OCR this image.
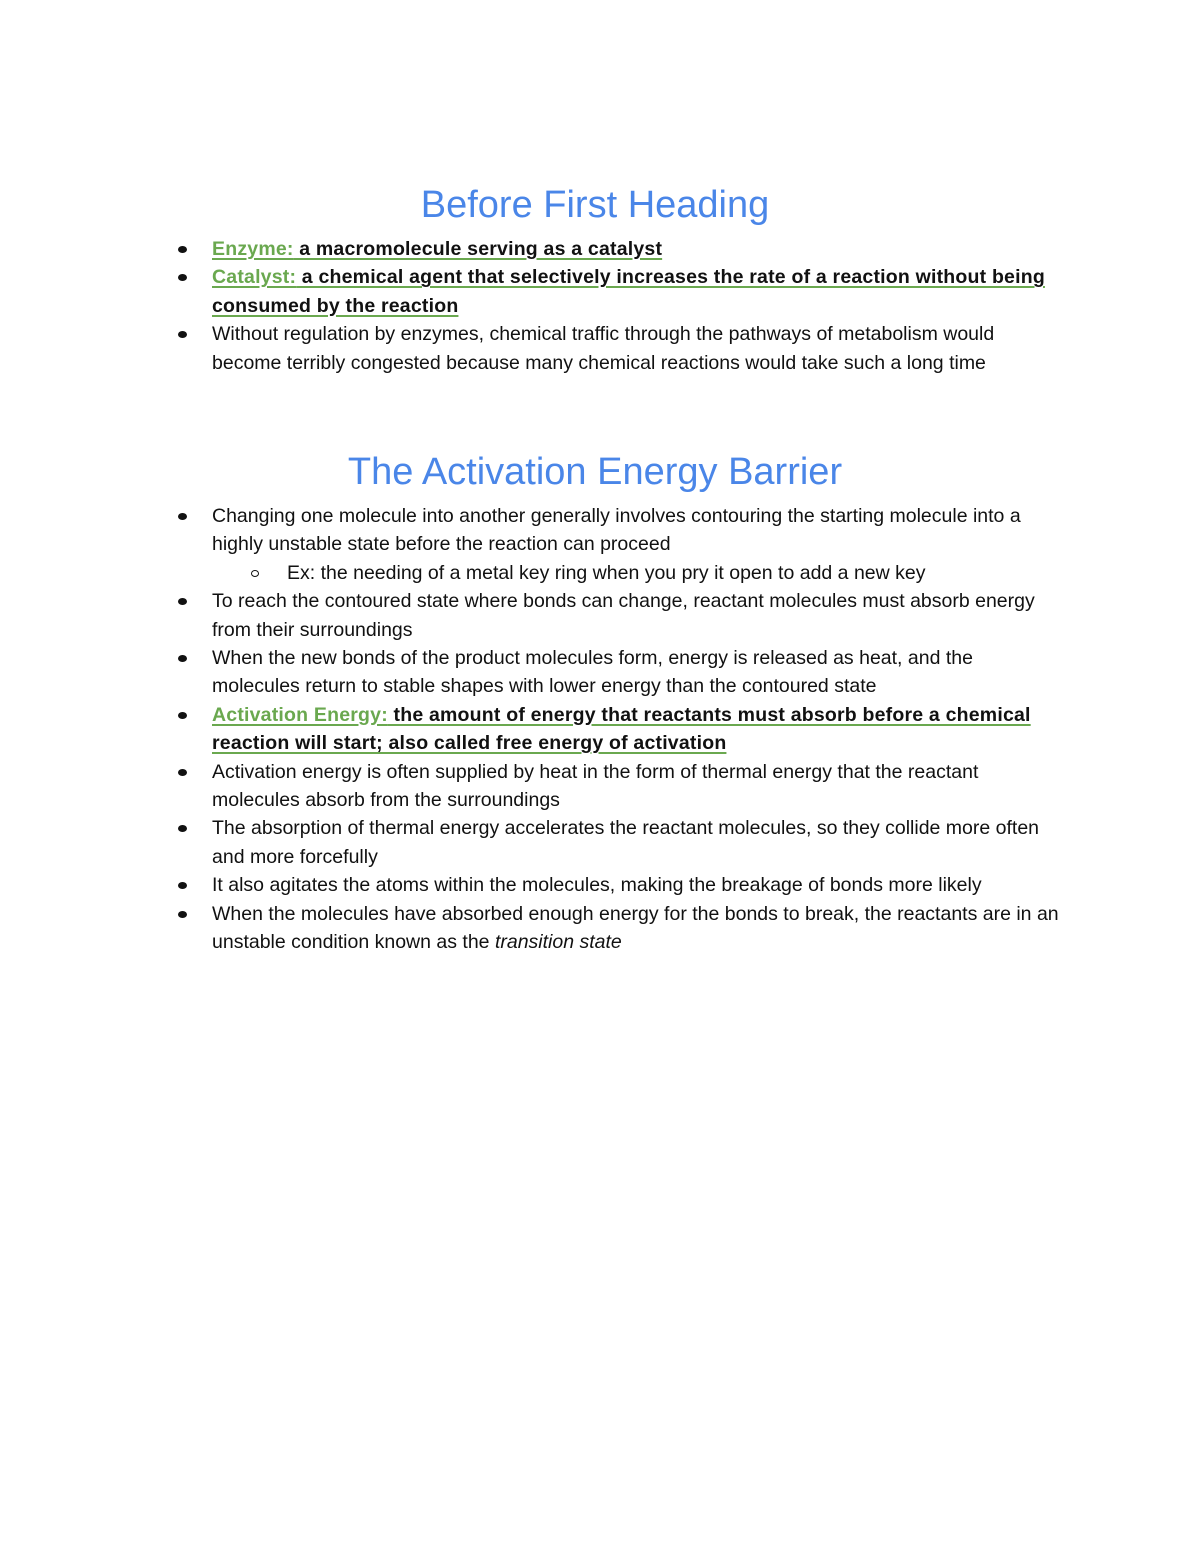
Before First Heading
Enzyme: a macromolecule serving as a catalyst
Catalyst: a chemical agent that selectively increases the rate of a reaction without being consumed by the reaction
Without regulation by enzymes, chemical traffic through the pathways of metabolism would become terribly congested because many chemical reactions would take such a long time
The Activation Energy Barrier
Changing one molecule into another generally involves contouring the starting molecule into a highly unstable state before the reaction can proceed
Ex: the needing of a metal key ring when you pry it open to add a new key
To reach the contoured state where bonds can change, reactant molecules must absorb energy from their surroundings
When the new bonds of the product molecules form, energy is released as heat, and the molecules return to stable shapes with lower energy than the contoured state
Activation Energy: the amount of energy that reactants must absorb before a chemical reaction will start; also called free energy of activation
Activation energy is often supplied by heat in the form of thermal energy that the reactant molecules absorb from the surroundings
The absorption of thermal energy accelerates the reactant molecules, so they collide more often and more forcefully
It also agitates the atoms within the molecules, making the breakage of bonds more likely
When the molecules have absorbed enough energy for the bonds to break, the reactants are in an unstable condition known as the transition state
